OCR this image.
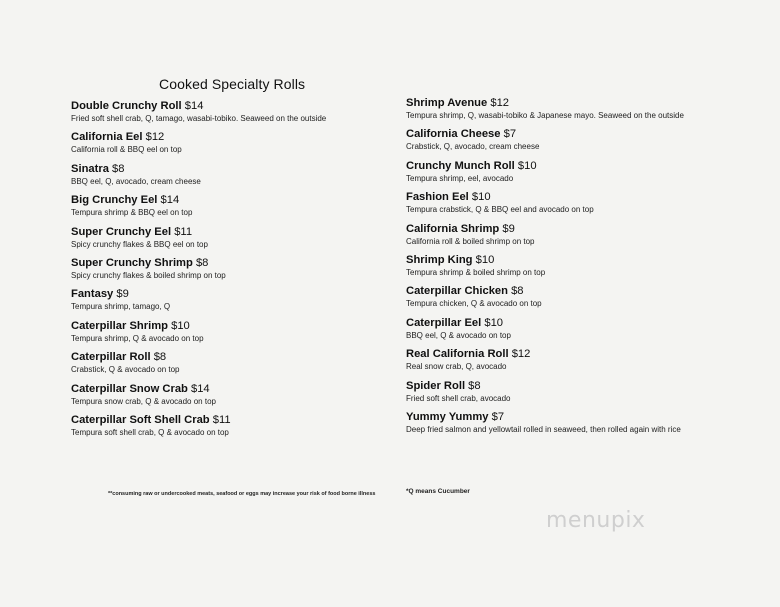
Cooked Specialty Rolls
Double Crunchy Roll $14
Fried soft shell crab, Q, tamago, wasabi-tobiko. Seaweed on the outside
California Eel $12
California roll & BBQ eel on top
Sinatra $8
BBQ eel, Q, avocado, cream cheese
Big Crunchy Eel $14
Tempura shrimp & BBQ eel on top
Super Crunchy Eel $11
Spicy crunchy flakes & BBQ eel on top
Super Crunchy Shrimp $8
Spicy crunchy flakes & boiled shrimp on top
Fantasy $9
Tempura shrimp, tamago, Q
Caterpillar Shrimp $10
Tempura shrimp, Q & avocado on top
Caterpillar Roll $8
Crabstick, Q & avocado on top
Caterpillar Snow Crab $14
Tempura snow crab, Q & avocado on top
Caterpillar Soft Shell Crab $11
Tempura soft shell crab, Q & avocado on top
Shrimp Avenue $12
Tempura shrimp, Q, wasabi-tobiko & Japanese mayo. Seaweed on the outside
California Cheese $7
Crabstick, Q, avocado, cream cheese
Crunchy Munch Roll $10
Tempura shrimp, eel, avocado
Fashion Eel $10
Tempura crabstick, Q & BBQ eel and avocado on top
California Shrimp $9
California roll & boiled shrimp on top
Shrimp King $10
Tempura shrimp & boiled shrimp on top
Caterpillar Chicken $8
Tempura chicken, Q & avocado on top
Caterpillar Eel $10
BBQ eel, Q & avocado on top
Real California Roll $12
Real snow crab, Q, avocado
Spider Roll $8
Fried soft shell crab, avocado
Yummy Yummy $7
Deep fried salmon and yellowtail rolled in seaweed, then rolled again with rice
**consuming raw or undercooked meats, seafood or eggs may increase your risk of food borne illness	*Q means Cucumber
menupix
